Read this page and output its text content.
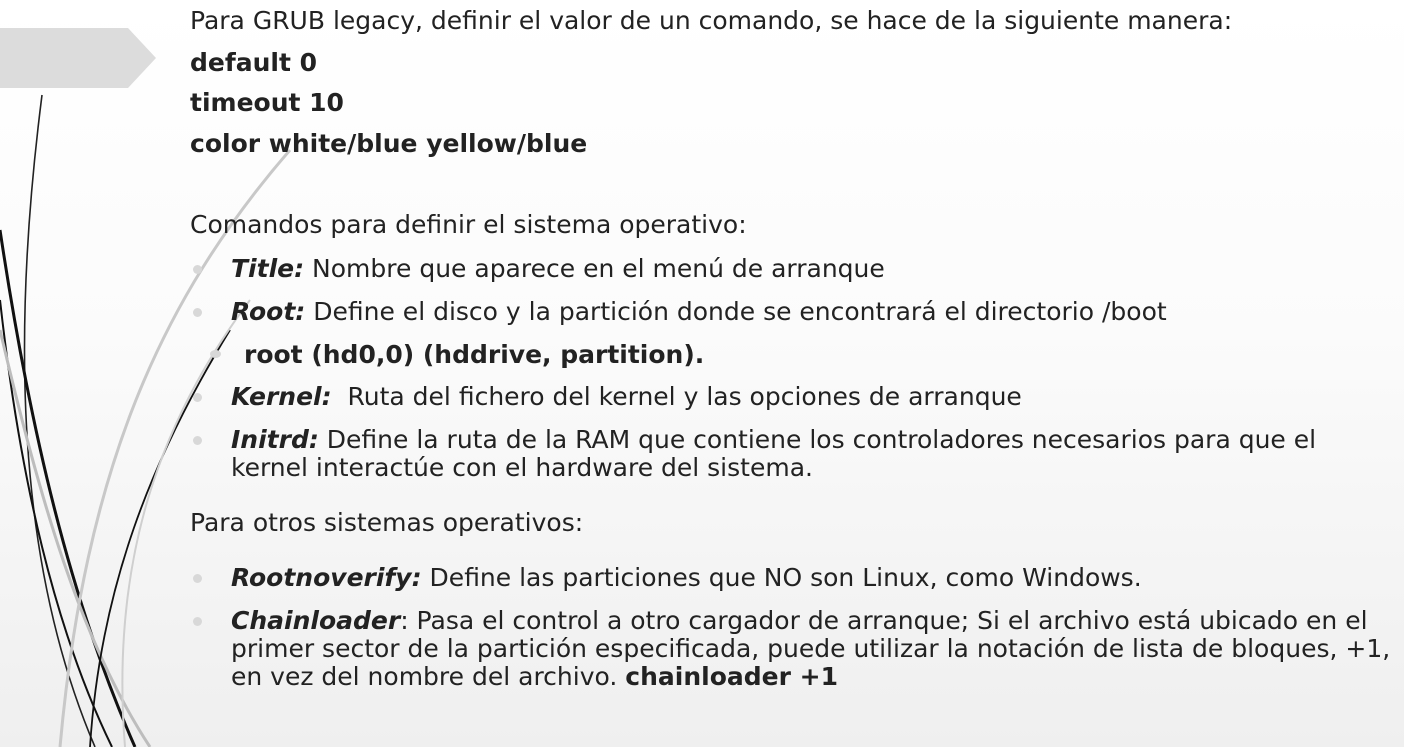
Para GRUB legacy, definir el valor de un comando, se hace de la siguiente manera:
default 0
timeout 10
color white/blue yellow/blue
Comandos para definir el sistema operativo:
Title: Nombre que aparece en el menú de arranque
Root: Define el disco y la partición donde se encontrará el directorio /boot
root (hd0,0) (hddrive, partition).
Kernel:  Ruta del fichero del kernel y las opciones de arranque
Initrd: Define la ruta de la RAM que contiene los controladores necesarios para que el kernel interactúe con el hardware del sistema.
Para otros sistemas operativos:
Rootnoverify: Define las particiones que NO son Linux, como Windows.
Chainloader: Pasa el control a otro cargador de arranque; Si el archivo está ubicado en el primer sector de la partición especificada, puede utilizar la notación de lista de bloques, +1, en vez del nombre del archivo. chainloader +1
